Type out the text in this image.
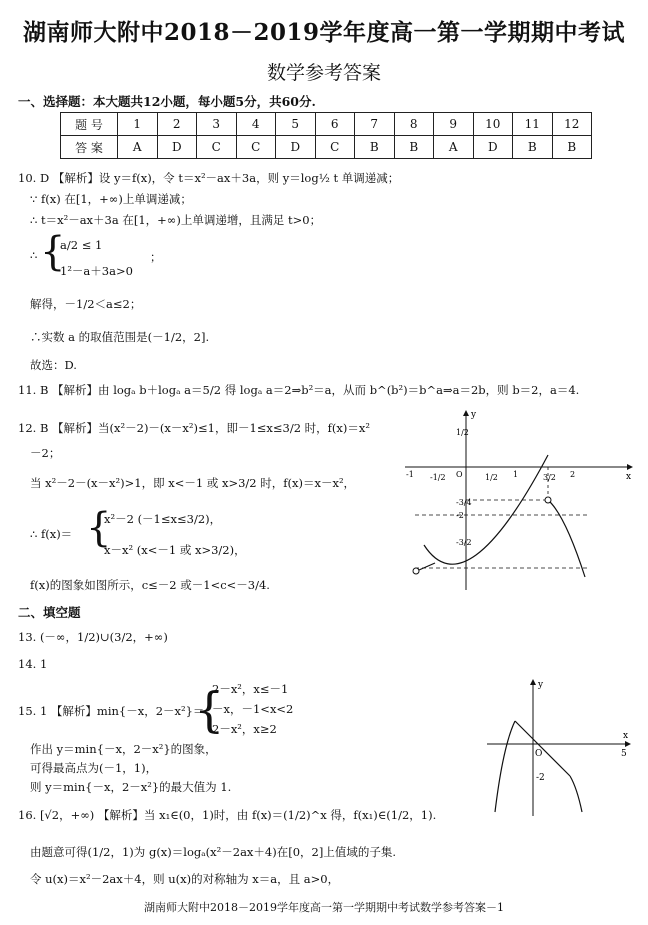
湖南师大附中2018－2019学年度高一第一学期期中考试
数学参考答案
一、选择题：本大题共12小题，每小题5分，共60分.
题 号	1	2	3	4	5	6	7	8	9	10	11	12
答 案	A	D	C	C	D	C	B	B	A	D	B	B
10. D 【解析】设 y＝f(x)，令 t＝x²－ax＋3a，则 y＝log½ t 单调递减；
∵ f(x) 在[1，+∞)上单调递减；
∴ t＝x²－ax＋3a 在[1，+∞)上单调递增，且满足 t>0；
∴ {
a/2 ≤ 1
1²－a＋3a>0
；
解得，－1/2＜a≤2；
∴实数 a 的取值范围是(－1/2，2].
故选：D.
11. B 【解析】由 logₐ b＋logₐ a＝5/2 得 logₐ a＝2⇒b²＝a，从而 b^(b²)＝b^a⇒a＝2b，则 b＝2，a＝4.
12. B 【解析】当(x²－2)－(x－x²)≤1，即－1≤x≤3/2 时，f(x)＝x²
－2；
当 x²－2－(x－x²)>1，即 x<－1 或 x>3/2 时，f(x)＝x－x²，
∴ f(x)＝ {
x²－2 (－1≤x≤3/2)，
x－x² (x<－1 或 x>3/2)，
f(x)的图象如图所示，c≤－2 或－1<c<－3/4.
y
x
-1 -1/2 O	1/2 1	3/2 2
1/2
-3/4
-2
-3/2
二、填空题
13. (－∞，1/2)∪(3/2，+∞)
14. 1
15. 1 【解析】min{－x，2－x²}＝
{
2－x²，x≤－1
－x，－1<x<2
2－x²，x≥2
作出 y＝min{－x，2－x²}的图象，
可得最高点为(－1，1)，
则 y＝min{－x，2－x²}的最大值为 1.
y
x
O	5
-2
16. [√2，+∞) 【解析】当 x₁∈(0，1)时，由 f(x)＝(1/2)^x 得，f(x₁)∈(1/2，1).
由题意可得(1/2，1)为 g(x)＝logₐ(x²－2ax＋4)在[0，2]上值域的子集.
令 u(x)＝x²－2ax＋4，则 u(x)的对称轴为 x＝a，且 a>0，
湖南师大附中2018－2019学年度高一第一学期期中考试数学参考答案－1
